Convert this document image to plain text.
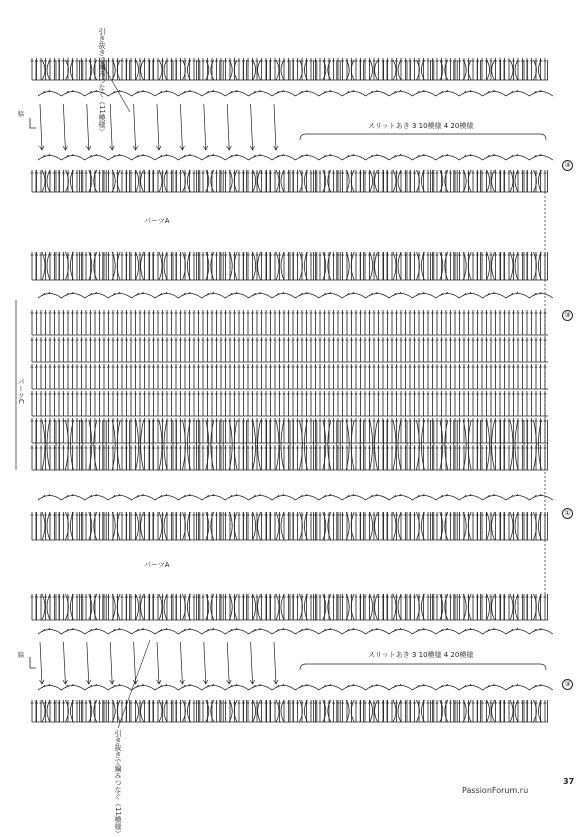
引き抜きで編みつなぐ（11模様）
引き抜きで編みつなぐ（11模様）
スリットあき 3 10模様 4 20模様
スリットあき 3 10模様 4 20模様
パーツA
パーツA
パーツC
脇
脇
③
③
①
③
37
PassionForum.ru
